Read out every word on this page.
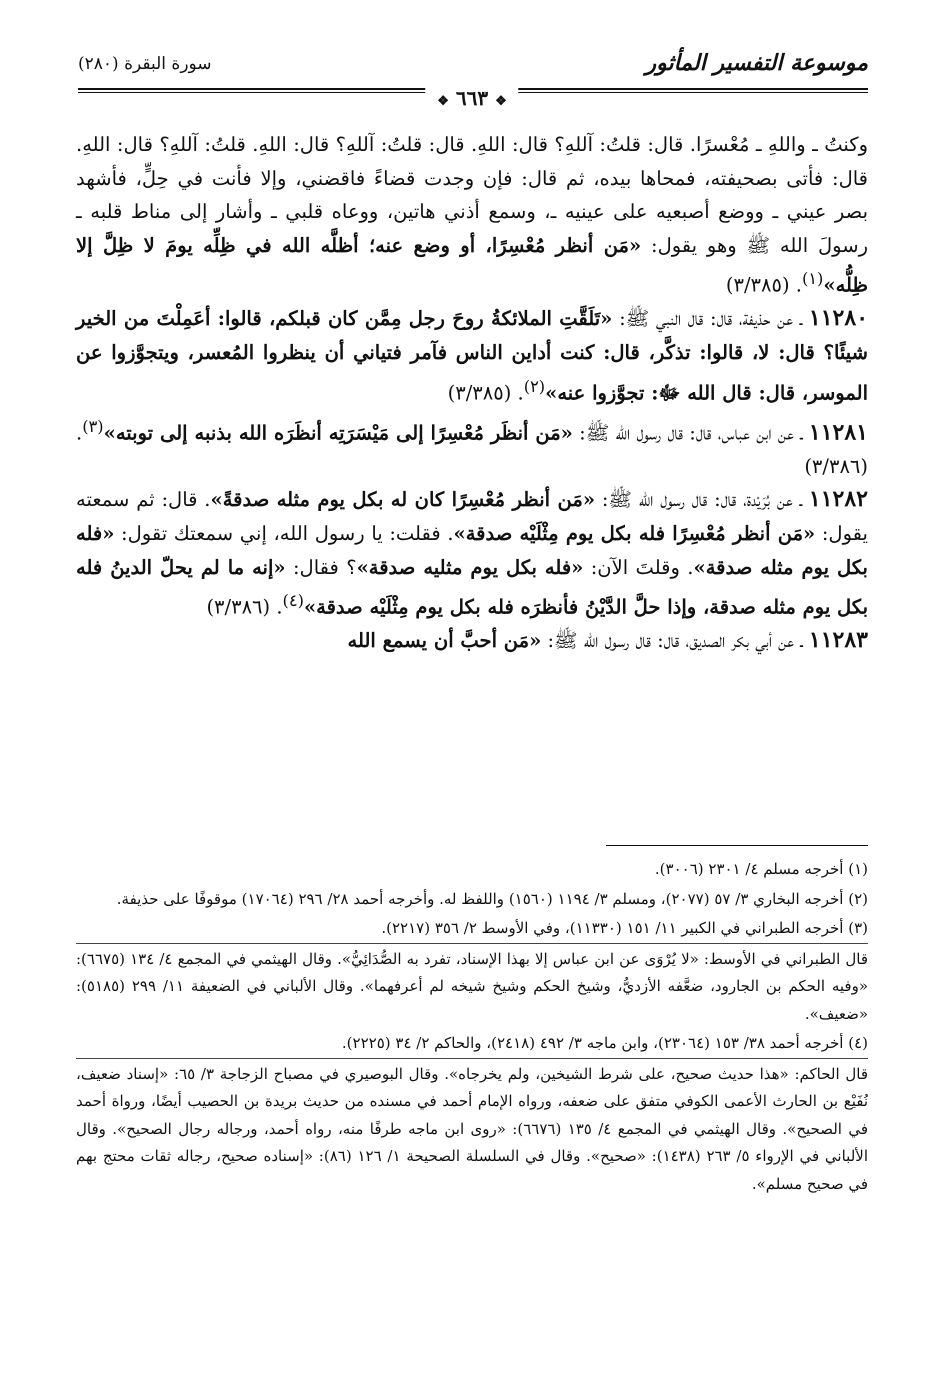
موسوعة التفسير المأثور
سورة البقرة (٢٨٠)
❖ ٦٦٣ ❖

وكنتُ ـ واللهِ ـ مُعْسرًا. قال: قلتُ: آللهِ؟ قال: اللهِ. قال: قلتُ: آللهِ؟ قال: اللهِ. قلتُ: آللهِ؟ قال: اللهِ. قال: فأتى بصحيفته، فمحاها بيده، ثم قال: فإن وجدت قضاءً فاقضني، وإلا فأنت في حِلٍّ، فأشهد بصر عيني ـ ووضع أصبعيه على عينيه ـ، وسمع أذني هاتين، ووعاه قلبي ـ وأشار إلى مناط قلبه ـ رسولَ الله ﷺ وهو يقول: «مَن أنظر مُعْسِرًا، أو وضع عنه؛ أظلَّه الله في ظِلِّه يومَ لا ظِلَّ إلا ظِلُّه»$^{(١)}$. (٣/٣٨٥)

١١٢٨٠ ـ عن حذيفة، قال: قال النبي ﷺ: «تَلَقَّتِ الملائكةُ روحَ رجل مِمَّن كان قبلكم، قالوا: أعَمِلْتَ من الخير شيئًا؟ قال: لا، قالوا: تذكَّر، قال: كنت أداين الناس فآمر فتياني أن ينظروا المُعسر، ويتجوَّزوا عن الموسر، قال: قال الله ﷻ: تجوَّزوا عنه»$^{(٢)}$. (٣/٣٨٥)

١١٢٨١ ـ عن ابن عباس، قال: قال رسول الله ﷺ: «مَن أنظَر مُعْسِرًا إلى مَيْسَرَتِه أنظَرَه الله بذنبه إلى توبته»$^{(٣)}$. (٣/٣٨٦)

١١٢٨٢ ـ عن بُرَيْدة، قال: قال رسول الله ﷺ: «مَن أنظر مُعْسِرًا كان له بكل يوم مثله صدقةً». قال: ثم سمعته يقول: «مَن أنظر مُعْسِرًا فله بكل يوم مِثْلَيْه صدقة». فقلت: يا رسول الله، إني سمعتك تقول: «فله بكل يوم مثله صدقة». وقلتَ الآن: «فله بكل يوم مثليه صدقة»؟ فقال: «إنه ما لم يحلّ الدينُ فله بكل يوم مثله صدقة، وإذا حلَّ الدَّيْنُ فأنظرَه فله بكل يوم مِثْلَيْه صدقة»$^{(٤)}$. (٣/٣٨٦)

١١٢٨٣ ـ عن أبي بكر الصديق، قال: قال رسول الله ﷺ: «مَن أحبَّ أن يسمع الله

(١) أخرجه مسلم ٤/ ٢٣٠١ (٣٠٠٦).

(٢) أخرجه البخاري ٣/ ٥٧ (٢٠٧٧)، ومسلم ٣/ ١١٩٤ (١٥٦٠) واللفظ له. وأخرجه أحمد ٢٨/ ٢٩٦ (١٧٠٦٤) موقوفًا على حذيفة.

(٣) أخرجه الطبراني في الكبير ١١/ ١٥١ (١١٣٣٠)، وفي الأوسط ٢/ ٣٥٦ (٢٢١٧).

قال الطبراني في الأوسط: «لا يُرْوَى عن ابن عباس إلا بهذا الإسناد، تفرد به الصُّدَائِيُّ». وقال الهيثمي في المجمع ٤/ ١٣٤ (٦٦٧٥): «وفيه الحكم بن الجارود، ضعَّفه الأزديُّ، وشيخ الحكم وشيخ شيخه لم أعرفهما». وقال الألباني في الضعيفة ١١/ ٢٩٩ (٥١٨٥): «ضعيف».

(٤) أخرجه أحمد ٣٨/ ١٥٣ (٢٣٠٦٤)، وابن ماجه ٣/ ٤٩٢ (٢٤١٨)، والحاكم ٢/ ٣٤ (٢٢٢٥).

قال الحاكم: «هذا حديث صحيح، على شرط الشيخين، ولم يخرجاه». وقال البوصيري في مصباح الزجاجة ٣/ ٦٥: «إسناد ضعيف، نُفَيْع بن الحارث الأعمى الكوفي متفق على ضعفه، ورواه الإمام أحمد في مسنده من حديث بريدة بن الحصيب أيضًا، ورواة أحمد في الصحيح». وقال الهيثمي في المجمع ٤/ ١٣٥ (٦٦٧٦): «روى ابن ماجه طرفًا منه، رواه أحمد، ورجاله رجال الصحيح». وقال الألباني في الإرواء ٥/ ٢٦٣ (١٤٣٨): «صحيح». وقال في السلسلة الصحيحة ١/ ١٢٦ (٨٦): «إسناده صحيح، رجاله ثقات محتج بهم في صحيح مسلم».
